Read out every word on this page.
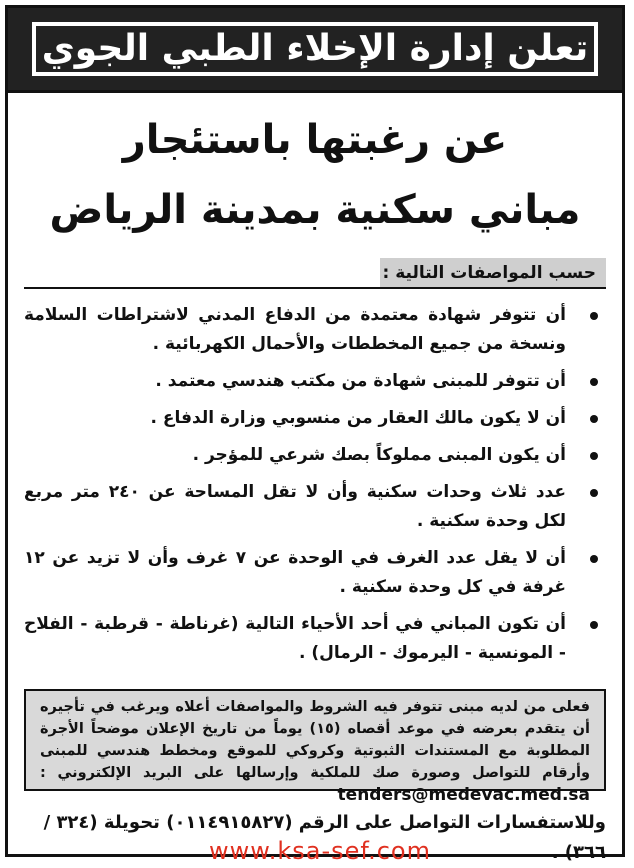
تعلن إدارة الإخلاء الطبي الجوي
عن رغبتها باستئجار
مباني سكنية بمدينة الرياض
حسب المواصفات التالية :
أن تتوفر شهادة معتمدة من الدفاع المدني لاشتراطات السلامة ونسخة من جميع المخططات والأحمال الكهربائية .
أن تتوفر للمبنى شهادة من مكتب هندسي معتمد .
أن لا يكون مالك العقار من منسوبي وزارة الدفاع .
أن يكون المبنى مملوكاً بصك شرعي للمؤجر .
عدد ثلاث وحدات سكنية وأن لا تقل المساحة عن ٢٤٠ متر مربع لكل وحدة سكنية .
أن لا يقل عدد الغرف في الوحدة عن ٧ غرف وأن لا تزيد عن ١٢ غرفة في كل وحدة سكنية .
أن تكون المباني في أحد الأحياء التالية (غرناطة - قرطبة - الفلاح - المونسية - اليرموك - الرمال) .
فعلى من لديه مبنى تتوفر فيه الشروط والمواصفات أعلاه ويرغب في تأجيره أن يتقدم بعرضه في موعد أقصاه (١٥) يوماً من تاريخ الإعلان موضحاً الأجرة المطلوبة مع المستندات الثبوتية وكروكي للموقع ومخطط هندسي للمبنى وأرقام للتواصل وصورة صك للملكية وإرسالها على البريد الإلكتروني : tenders@medevac.med.sa
وللاستفسارات التواصل على الرقم (٠١١٤٩١٥٨٢٧) تحويلة (٣٢٤ / ٣٦٦) .
www.ksa-sef.com
